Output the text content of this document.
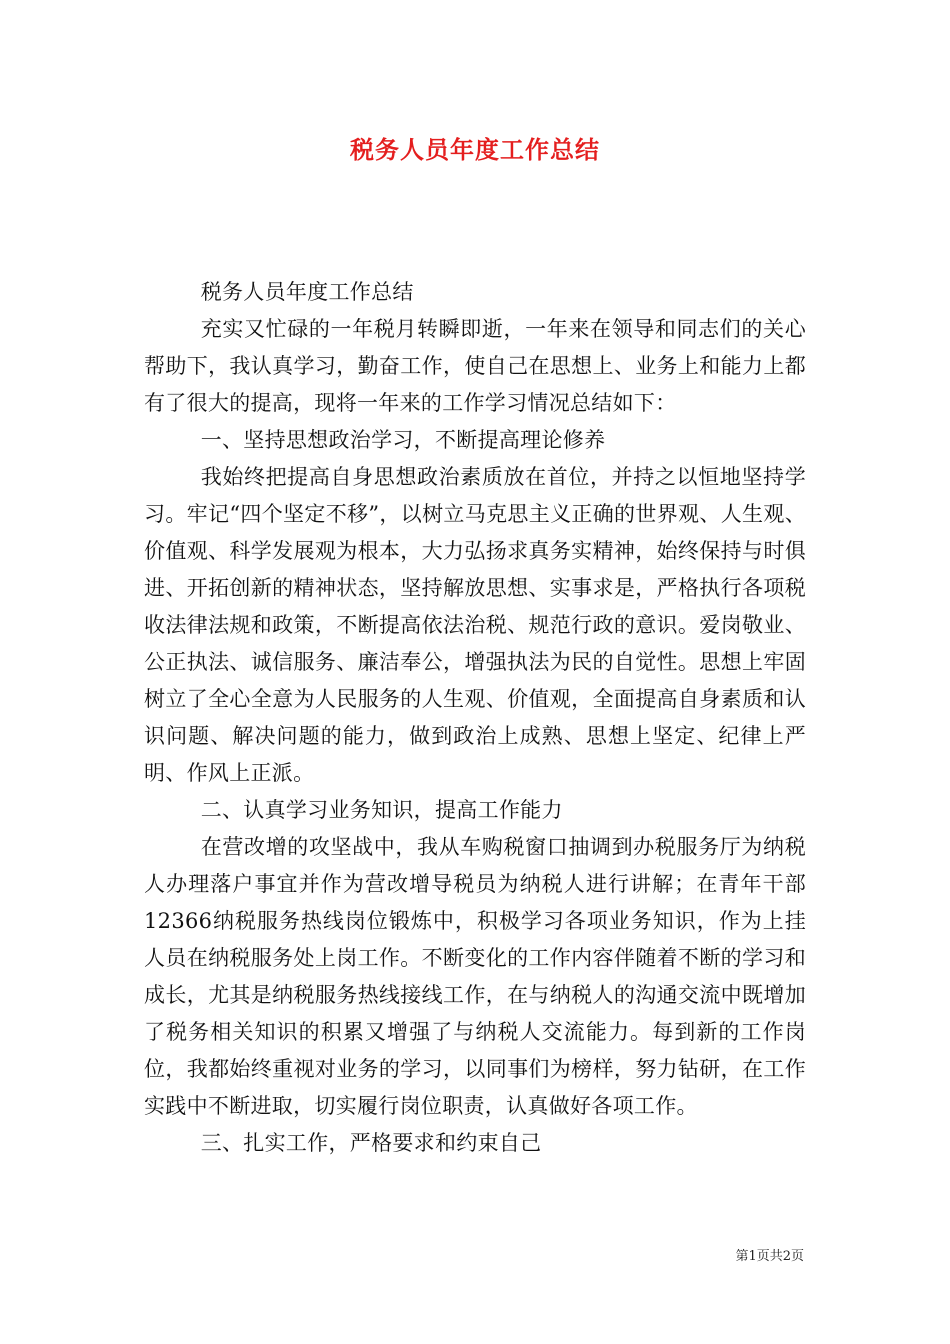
税务人员年度工作总结

税务人员年度工作总结

充实又忙碌的一年税月转瞬即逝，一年来在领导和同志们的关心帮助下，我认真学习，勤奋工作，使自己在思想上、业务上和能力上都有了很大的提高，现将一年来的工作学习情况总结如下：

一、坚持思想政治学习，不断提高理论修养

我始终把提高自身思想政治素质放在首位，并持之以恒地坚持学习。牢记“四个坚定不移”，以树立马克思主义正确的世界观、人生观、价值观、科学发展观为根本，大力弘扬求真务实精神，始终保持与时俱进、开拓创新的精神状态，坚持解放思想、实事求是，严格执行各项税收法律法规和政策，不断提高依法治税、规范行政的意识。爱岗敬业、公正执法、诚信服务、廉洁奉公，增强执法为民的自觉性。思想上牢固树立了全心全意为人民服务的人生观、价值观，全面提高自身素质和认识问题、解决问题的能力，做到政治上成熟、思想上坚定、纪律上严明、作风上正派。

二、认真学习业务知识，提高工作能力

在营改增的攻坚战中，我从车购税窗口抽调到办税服务厅为纳税人办理落户事宜并作为营改增导税员为纳税人进行讲解；在青年干部12366纳税服务热线岗位锻炼中，积极学习各项业务知识，作为上挂人员在纳税服务处上岗工作。不断变化的工作内容伴随着不断的学习和成长，尤其是纳税服务热线接线工作，在与纳税人的沟通交流中既增加了税务相关知识的积累又增强了与纳税人交流能力。每到新的工作岗位，我都始终重视对业务的学习，以同事们为榜样，努力钻研，在工作实践中不断进取，切实履行岗位职责，认真做好各项工作。

三、扎实工作，严格要求和约束自己

第1页共2页
